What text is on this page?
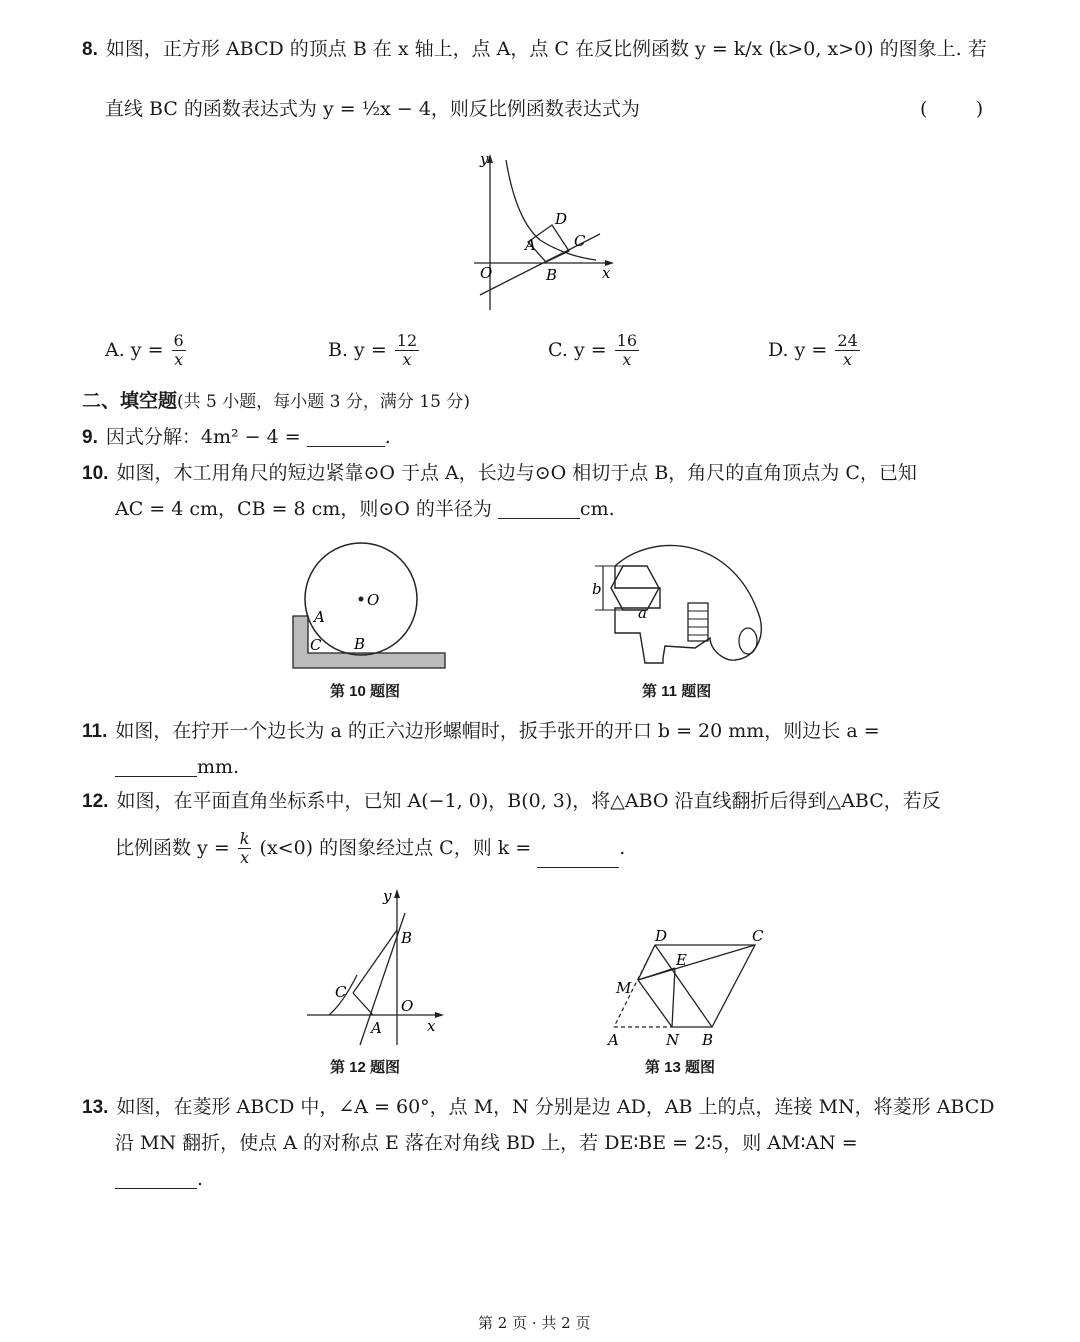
8. 如图，正方形 ABCD 的顶点 B 在 x 轴上，点 A，点 C 在反比例函数 y = k/x (k>0, x>0) 的图象上. 若
直线 BC 的函数表达式为 y = ½x − 4，则反比例函数表达式为	(        )
y
x
O
A
B
C
D
A. $y = \frac{6}{x}$	B. $y = \frac{12}{x}$	C. $y = \frac{16}{x}$	D. $y = \frac{24}{x}$
二、填空题(共 5 小题，每小题 3 分，满分 15 分)
9. 因式分解：4m² − 4 =	.
10. 如图，木工用角尺的短边紧靠⊙O 于点 A，长边与⊙O 相切于点 B，角尺的直角顶点为 C，已知
AC = 4 cm，CB = 8 cm，则⊙O 的半径为	cm.
O
A
C B
第 10 题图
b
a
第 11 题图
11. 如图，在拧开一个边长为 a 的正六边形螺帽时，扳手张开的开口 b = 20 mm，则边长 a =
mm.
12. 如图，在平面直角坐标系中，已知 A(−1, 0)，B(0, 3)，将△ABO 沿直线翻折后得到△ABC，若反
比例函数 $y = \frac{k}{x} (x<0)$ 的图象经过点 C，则 k =	.
y
x
O
A
B
C
第 12 题图
D	C
E
M
A	N B
第 13 题图
13. 如图，在菱形 ABCD 中，∠A = 60°，点 M，N 分别是边 AD，AB 上的点，连接 MN，将菱形 ABCD
沿 MN 翻折，使点 A 的对称点 E 落在对角线 BD 上，若 DE∶BE = 2∶5，则 AM∶AN =
.
第 2 页 · 共 2 页
